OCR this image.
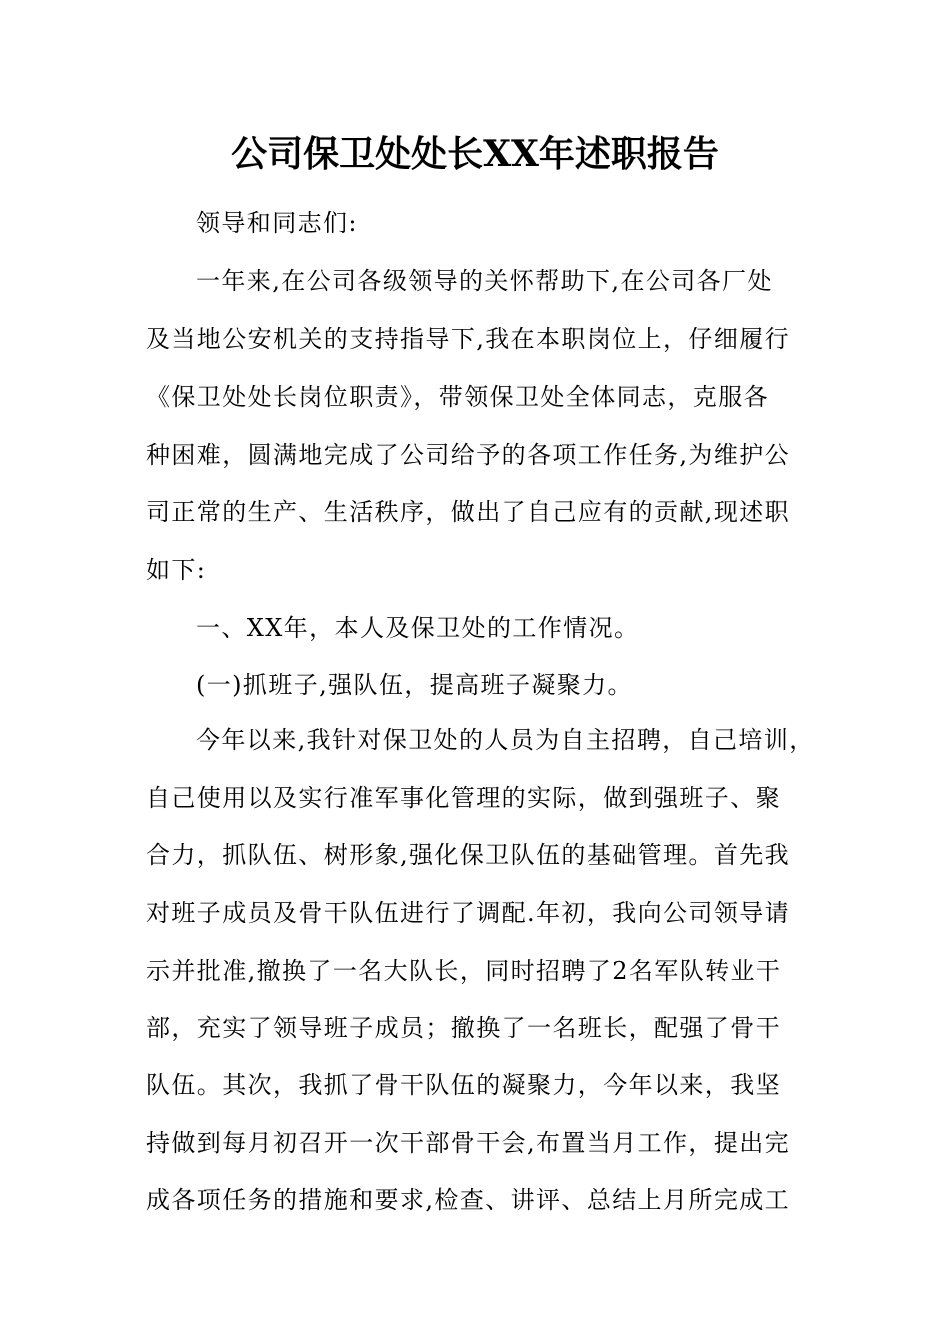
公司保卫处处长XX年述职报告
领导和同志们:
一年来,在公司各级领导的关怀帮助下,在公司各厂处
及当地公安机关的支持指导下,我在本职岗位上，仔细履行
《保卫处处长岗位职责》，带领保卫处全体同志，克服各
种困难，圆满地完成了公司给予的各项工作任务,为维护公
司正常的生产、生活秩序，做出了自己应有的贡献,现述职
如下:
一、XX年，本人及保卫处的工作情况。
(一)抓班子,强队伍，提高班子凝聚力。
今年以来,我针对保卫处的人员为自主招聘，自己培训，
自己使用以及实行准军事化管理的实际，做到强班子、聚
合力，抓队伍、树形象,强化保卫队伍的基础管理。首先我
对班子成员及骨干队伍进行了调配.年初，我向公司领导请
示并批准,撤换了一名大队长，同时招聘了2名军队转业干
部，充实了领导班子成员；撤换了一名班长，配强了骨干
队伍。其次，我抓了骨干队伍的凝聚力，今年以来，我坚
持做到每月初召开一次干部骨干会,布置当月工作，提出完
成各项任务的措施和要求,检查、讲评、总结上月所完成工
